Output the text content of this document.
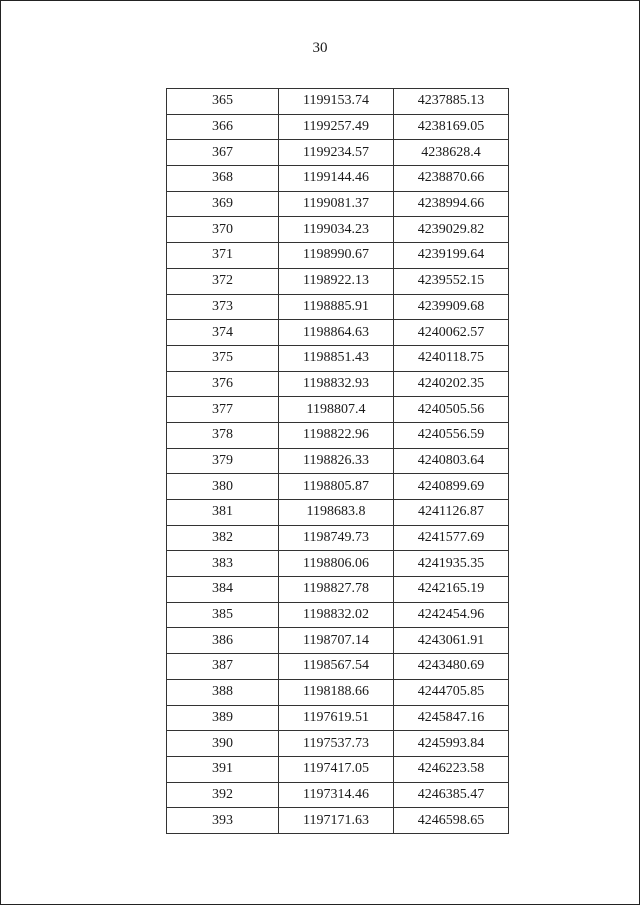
30
365	1199153.74	4237885.13
366	1199257.49	4238169.05
367	1199234.57	4238628.4
368	1199144.46	4238870.66
369	1199081.37	4238994.66
370	1199034.23	4239029.82
371	1198990.67	4239199.64
372	1198922.13	4239552.15
373	1198885.91	4239909.68
374	1198864.63	4240062.57
375	1198851.43	4240118.75
376	1198832.93	4240202.35
377	1198807.4	4240505.56
378	1198822.96	4240556.59
379	1198826.33	4240803.64
380	1198805.87	4240899.69
381	1198683.8	4241126.87
382	1198749.73	4241577.69
383	1198806.06	4241935.35
384	1198827.78	4242165.19
385	1198832.02	4242454.96
386	1198707.14	4243061.91
387	1198567.54	4243480.69
388	1198188.66	4244705.85
389	1197619.51	4245847.16
390	1197537.73	4245993.84
391	1197417.05	4246223.58
392	1197314.46	4246385.47
393	1197171.63	4246598.65
